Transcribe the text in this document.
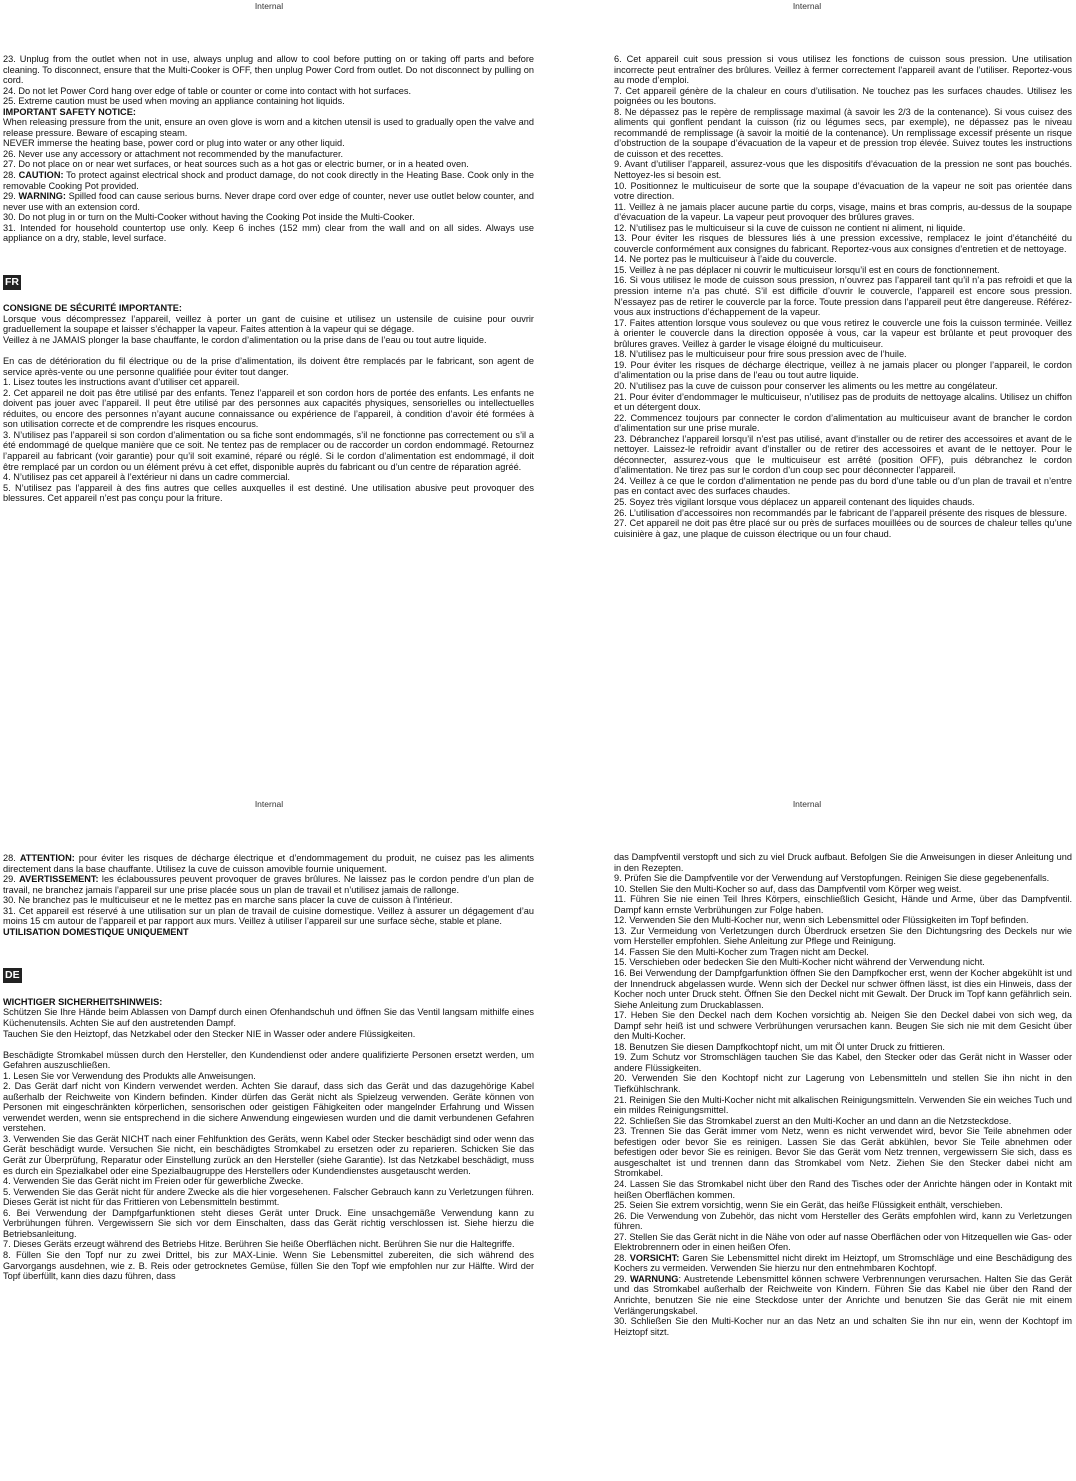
Internal

23. Unplug from the outlet when not in use, always unplug and allow to cool before putting on or taking off parts and before cleaning. To disconnect, ensure that the Multi-Cooker is OFF, then unplug Power Cord from outlet. Do not disconnect by pulling on cord.

24. Do not let Power Cord hang over edge of table or counter or come into contact with hot surfaces.

25. Extreme caution must be used when moving an appliance containing hot liquids.

IMPORTANT SAFETY NOTICE:

When releasing pressure from the unit, ensure an oven glove is worn and a kitchen utensil is used to gradually open the valve and release pressure. Beware of escaping steam.

NEVER immerse the heating base, power cord or plug into water or any other liquid.

26. Never use any accessory or attachment not recommended by the manufacturer.

27. Do not place on or near wet surfaces, or heat sources such as a hot gas or electric burner, or in a heated oven.

28. CAUTION: To protect against electrical shock and product damage, do not cook directly in the Heating Base. Cook only in the removable Cooking Pot provided.

29. WARNING: Spilled food can cause serious burns. Never drape cord over edge of counter, never use outlet below counter, and never use with an extension cord.

30. Do not plug in or turn on the Multi-Cooker without having the Cooking Pot inside the Multi-Cooker.

31. Intended for household countertop use only. Keep 6 inches (152 mm) clear from the wall and on all sides. Always use appliance on a dry, stable, level surface.

FR

CONSIGNE DE SÉCURITÉ IMPORTANTE:

Lorsque vous décompressez l’appareil, veillez à porter un gant de cuisine et utilisez un ustensile de cuisine pour ouvrir graduellement la soupape et laisser s’échapper la vapeur. Faites attention à la vapeur qui se dégage.

Veillez à ne JAMAIS plonger la base chauffante, le cordon d’alimentation ou la prise dans de l’eau ou tout autre liquide.

En cas de détérioration du fil électrique ou de la prise d’alimentation, ils doivent être remplacés par le fabricant, son agent de service après-vente ou une personne qualifiée pour éviter tout danger.

1. Lisez toutes les instructions avant d’utiliser cet appareil.

2. Cet appareil ne doit pas être utilisé par des enfants. Tenez l’appareil et son cordon hors de portée des enfants. Les enfants ne doivent pas jouer avec l’appareil. Il peut être utilisé par des personnes aux capacités physiques, sensorielles ou intellectuelles réduites, ou encore des personnes n’ayant aucune connaissance ou expérience de l’appareil, à condition d’avoir été formées à son utilisation correcte et de comprendre les risques encourus.

3. N’utilisez pas l’appareil si son cordon d’alimentation ou sa fiche sont endommagés, s’il ne fonctionne pas correctement ou s’il a été endommagé de quelque manière que ce soit. Ne tentez pas de remplacer ou de raccorder un cordon endommagé. Retournez l’appareil au fabricant (voir garantie) pour qu’il soit examiné, réparé ou réglé. Si le cordon d’alimentation est endommagé, il doit être remplacé par un cordon ou un élément prévu à cet effet, disponible auprès du fabricant ou d’un centre de réparation agréé.

4. N’utilisez pas cet appareil à l’extérieur ni dans un cadre commercial.

5. N’utilisez pas l’appareil à des fins autres que celles auxquelles il est destiné. Une utilisation abusive peut provoquer des blessures. Cet appareil n’est pas conçu pour la friture.

Internal

6. Cet appareil cuit sous pression si vous utilisez les fonctions de cuisson sous pression. Une utilisation incorrecte peut entraîner des brûlures. Veillez à fermer correctement l’appareil avant de l’utiliser. Reportez-vous au mode d’emploi.

7. Cet appareil génère de la chaleur en cours d’utilisation. Ne touchez pas les surfaces chaudes. Utilisez les poignées ou les boutons.

8. Ne dépassez pas le repère de remplissage maximal (à savoir les 2/3 de la contenance). Si vous cuisez des aliments qui gonflent pendant la cuisson (riz ou légumes secs, par exemple), ne dépassez pas le niveau recommandé de remplissage (à savoir la moitié de la contenance). Un remplissage excessif présente un risque d’obstruction de la soupape d’évacuation de la vapeur et de pression trop élevée. Suivez toutes les instructions de cuisson et des recettes.

9. Avant d’utiliser l’appareil, assurez-vous que les dispositifs d’évacuation de la pression ne sont pas bouchés. Nettoyez-les si besoin est.

10. Positionnez le multicuiseur de sorte que la soupape d’évacuation de la vapeur ne soit pas orientée dans votre direction.

11. Veillez à ne jamais placer aucune partie du corps, visage, mains et bras compris, au-dessus de la soupape d’évacuation de la vapeur. La vapeur peut provoquer des brûlures graves.

12. N’utilisez pas le multicuiseur si la cuve de cuisson ne contient ni aliment, ni liquide.

13. Pour éviter les risques de blessures liés à une pression excessive, remplacez le joint d’étanchéité du couvercle conformément aux consignes du fabricant. Reportez-vous aux consignes d’entretien et de nettoyage.

14. Ne portez pas le multicuiseur à l’aide du couvercle.

15. Veillez à ne pas déplacer ni couvrir le multicuiseur lorsqu’il est en cours de fonctionnement.

16. Si vous utilisez le mode de cuisson sous pression, n’ouvrez pas l’appareil tant qu’il n’a pas refroidi et que la pression interne n’a pas chuté. S’il est difficile d’ouvrir le couvercle, l’appareil est encore sous pression. N’essayez pas de retirer le couvercle par la force. Toute pression dans l’appareil peut être dangereuse. Référez-vous aux instructions d’échappement de la vapeur.

17. Faites attention lorsque vous soulevez ou que vous retirez le couvercle une fois la cuisson terminée. Veillez à orienter le couvercle dans la direction opposée à vous, car la vapeur est brûlante et peut provoquer des brûlures graves. Veillez à garder le visage éloigné du multicuiseur.

18. N’utilisez pas le multicuiseur pour frire sous pression avec de l’huile.

19. Pour éviter les risques de décharge électrique, veillez à ne jamais placer ou plonger l’appareil, le cordon d’alimentation ou la prise dans de l’eau ou tout autre liquide.

20. N’utilisez pas la cuve de cuisson pour conserver les aliments ou les mettre au congélateur.

21. Pour éviter d’endommager le multicuiseur, n’utilisez pas de produits de nettoyage alcalins. Utilisez un chiffon et un détergent doux.

22. Commencez toujours par connecter le cordon d’alimentation au multicuiseur avant de brancher le cordon d’alimentation sur une prise murale.

23. Débranchez l’appareil lorsqu’il n’est pas utilisé, avant d’installer ou de retirer des accessoires et avant de le nettoyer. Laissez-le refroidir avant d’installer ou de retirer des accessoires et avant de le nettoyer. Pour le déconnecter, assurez-vous que le multicuiseur est arrêté (position OFF), puis débranchez le cordon d’alimentation. Ne tirez pas sur le cordon d’un coup sec pour déconnecter l’appareil.

24. Veillez à ce que le cordon d’alimentation ne pende pas du bord d’une table ou d’un plan de travail et n’entre pas en contact avec des surfaces chaudes.

25. Soyez très vigilant lorsque vous déplacez un appareil contenant des liquides chauds.

26. L’utilisation d’accessoires non recommandés par le fabricant de l’appareil présente des risques de blessure.

27. Cet appareil ne doit pas être placé sur ou près de surfaces mouillées ou de sources de chaleur telles qu’une cuisinière à gaz, une plaque de cuisson électrique ou un four chaud.

Internal

28. ATTENTION: pour éviter les risques de décharge électrique et d’endommagement du produit, ne cuisez pas les aliments directement dans la base chauffante. Utilisez la cuve de cuisson amovible fournie uniquement.

29. AVERTISSEMENT: les éclaboussures peuvent provoquer de graves brûlures. Ne laissez pas le cordon pendre d’un plan de travail, ne branchez jamais l’appareil sur une prise placée sous un plan de travail et n’utilisez jamais de rallonge.

30. Ne branchez pas le multicuiseur et ne le mettez pas en marche sans placer la cuve de cuisson à l’intérieur.

31. Cet appareil est réservé à une utilisation sur un plan de travail de cuisine domestique. Veillez à assurer un dégagement d’au moins 15 cm autour de l’appareil et par rapport aux murs. Veillez à utiliser l’appareil sur une surface sèche, stable et plane.

UTILISATION DOMESTIQUE UNIQUEMENT

DE

WICHTIGER SICHERHEITSHINWEIS:

Schützen Sie Ihre Hände beim Ablassen von Dampf durch einen Ofenhandschuh und öffnen Sie das Ventil langsam mithilfe eines Küchenutensils. Achten Sie auf den austretenden Dampf.

Tauchen Sie den Heiztopf, das Netzkabel oder den Stecker NIE in Wasser oder andere Flüssigkeiten.

Beschädigte Stromkabel müssen durch den Hersteller, den Kundendienst oder andere qualifizierte Personen ersetzt werden, um Gefahren auszuschließen.

1. Lesen Sie vor Verwendung des Produkts alle Anweisungen.

2. Das Gerät darf nicht von Kindern verwendet werden. Achten Sie darauf, dass sich das Gerät und das dazugehörige Kabel außerhalb der Reichweite von Kindern befinden. Kinder dürfen das Gerät nicht als Spielzeug verwenden. Geräte können von Personen mit eingeschränkten körperlichen, sensorischen oder geistigen Fähigkeiten oder mangelnder Erfahrung und Wissen verwendet werden, wenn sie entsprechend in die sichere Anwendung eingewiesen wurden und die damit verbundenen Gefahren verstehen.

3. Verwenden Sie das Gerät NICHT nach einer Fehlfunktion des Geräts, wenn Kabel oder Stecker beschädigt sind oder wenn das Gerät beschädigt wurde. Versuchen Sie nicht, ein beschädigtes Stromkabel zu ersetzen oder zu reparieren. Schicken Sie das Gerät zur Überprüfung, Reparatur oder Einstellung zurück an den Hersteller (siehe Garantie). Ist das Netzkabel beschädigt, muss es durch ein Spezialkabel oder eine Spezialbaugruppe des Herstellers oder Kundendienstes ausgetauscht werden.

4. Verwenden Sie das Gerät nicht im Freien oder für gewerbliche Zwecke.

5. Verwenden Sie das Gerät nicht für andere Zwecke als die hier vorgesehenen. Falscher Gebrauch kann zu Verletzungen führen. Dieses Gerät ist nicht für das Frittieren von Lebensmitteln bestimmt.

6. Bei Verwendung der Dampfgarfunktionen steht dieses Gerät unter Druck. Eine unsachgemäße Verwendung kann zu Verbrühungen führen. Vergewissern Sie sich vor dem Einschalten, dass das Gerät richtig verschlossen ist. Siehe hierzu die Betriebsanleitung.

7. Dieses Geräts erzeugt während des Betriebs Hitze. Berühren Sie heiße Oberflächen nicht. Berühren Sie nur die Haltegriffe.

8. Füllen Sie den Topf nur zu zwei Drittel, bis zur MAX-Linie. Wenn Sie Lebensmittel zubereiten, die sich während des Garvorgangs ausdehnen, wie z. B. Reis oder getrocknetes Gemüse, füllen Sie den Topf wie empfohlen nur zur Hälfte. Wird der Topf überfüllt, kann dies dazu führen, dass

Internal

das Dampfventil verstopft und sich zu viel Druck aufbaut. Befolgen Sie die Anweisungen in dieser Anleitung und in den Rezepten.

9. Prüfen Sie die Dampfventile vor der Verwendung auf Verstopfungen. Reinigen Sie diese gegebenenfalls.

10. Stellen Sie den Multi-Kocher so auf, dass das Dampfventil vom Körper weg weist.

11. Führen Sie nie einen Teil Ihres Körpers, einschließlich Gesicht, Hände und Arme, über das Dampfventil. Dampf kann ernste Verbrühungen zur Folge haben.

12. Verwenden Sie den Multi-Kocher nur, wenn sich Lebensmittel oder Flüssigkeiten im Topf befinden.

13. Zur Vermeidung von Verletzungen durch Überdruck ersetzen Sie den Dichtungsring des Deckels nur wie vom Hersteller empfohlen. Siehe Anleitung zur Pflege und Reinigung.

14. Fassen Sie den Multi-Kocher zum Tragen nicht am Deckel.

15. Verschieben oder bedecken Sie den Multi-Kocher nicht während der Verwendung nicht.

16. Bei Verwendung der Dampfgarfunktion öffnen Sie den Dampfkocher erst, wenn der Kocher abgekühlt ist und der Innendruck abgelassen wurde. Wenn sich der Deckel nur schwer öffnen lässt, ist dies ein Hinweis, dass der Kocher noch unter Druck steht. Öffnen Sie den Deckel nicht mit Gewalt. Der Druck im Topf kann gefährlich sein. Siehe Anleitung zum Druckablassen.

17. Heben Sie den Deckel nach dem Kochen vorsichtig ab. Neigen Sie den Deckel dabei von sich weg, da Dampf sehr heiß ist und schwere Verbrühungen verursachen kann. Beugen Sie sich nie mit dem Gesicht über den Multi-Kocher.

18. Benutzen Sie diesen Dampfkochtopf nicht, um mit Öl unter Druck zu frittieren.

19. Zum Schutz vor Stromschlägen tauchen Sie das Kabel, den Stecker oder das Gerät nicht in Wasser oder andere Flüssigkeiten.

20. Verwenden Sie den Kochtopf nicht zur Lagerung von Lebensmitteln und stellen Sie ihn nicht in den Tiefkühlschrank.

21. Reinigen Sie den Multi-Kocher nicht mit alkalischen Reinigungsmitteln. Verwenden Sie ein weiches Tuch und ein mildes Reinigungsmittel.

22. Schließen Sie das Stromkabel zuerst an den Multi-Kocher an und dann an die Netzsteckdose.

23. Trennen Sie das Gerät immer vom Netz, wenn es nicht verwendet wird, bevor Sie Teile abnehmen oder befestigen oder bevor Sie es reinigen. Lassen Sie das Gerät abkühlen, bevor Sie Teile abnehmen oder befestigen oder bevor Sie es reinigen. Bevor Sie das Gerät vom Netz trennen, vergewissern Sie sich, dass es ausgeschaltet ist und trennen dann das Stromkabel vom Netz. Ziehen Sie den Stecker dabei nicht am Stromkabel.

24. Lassen Sie das Stromkabel nicht über den Rand des Tisches oder der Anrichte hängen oder in Kontakt mit heißen Oberflächen kommen.

25. Seien Sie extrem vorsichtig, wenn Sie ein Gerät, das heiße Flüssigkeit enthält, verschieben.

26. Die Verwendung von Zubehör, das nicht vom Hersteller des Geräts empfohlen wird, kann zu Verletzungen führen.

27. Stellen Sie das Gerät nicht in die Nähe von oder auf nasse Oberflächen oder von Hitzequellen wie Gas- oder Elektrobrennern oder in einen heißen Ofen.

28. VORSICHT: Garen Sie Lebensmittel nicht direkt im Heiztopf, um Stromschläge und eine Beschädigung des Kochers zu vermeiden. Verwenden Sie hierzu nur den entnehmbaren Kochtopf.

29. WARNUNG: Austretende Lebensmittel können schwere Verbrennungen verursachen. Halten Sie das Gerät und das Stromkabel außerhalb der Reichweite von Kindern. Führen Sie das Kabel nie über den Rand der Anrichte, benutzen Sie nie eine Steckdose unter der Anrichte und benutzen Sie das Gerät nie mit einem Verlängerungskabel.

30. Schließen Sie den Multi-Kocher nur an das Netz an und schalten Sie ihn nur ein, wenn der Kochtopf im Heiztopf sitzt.
